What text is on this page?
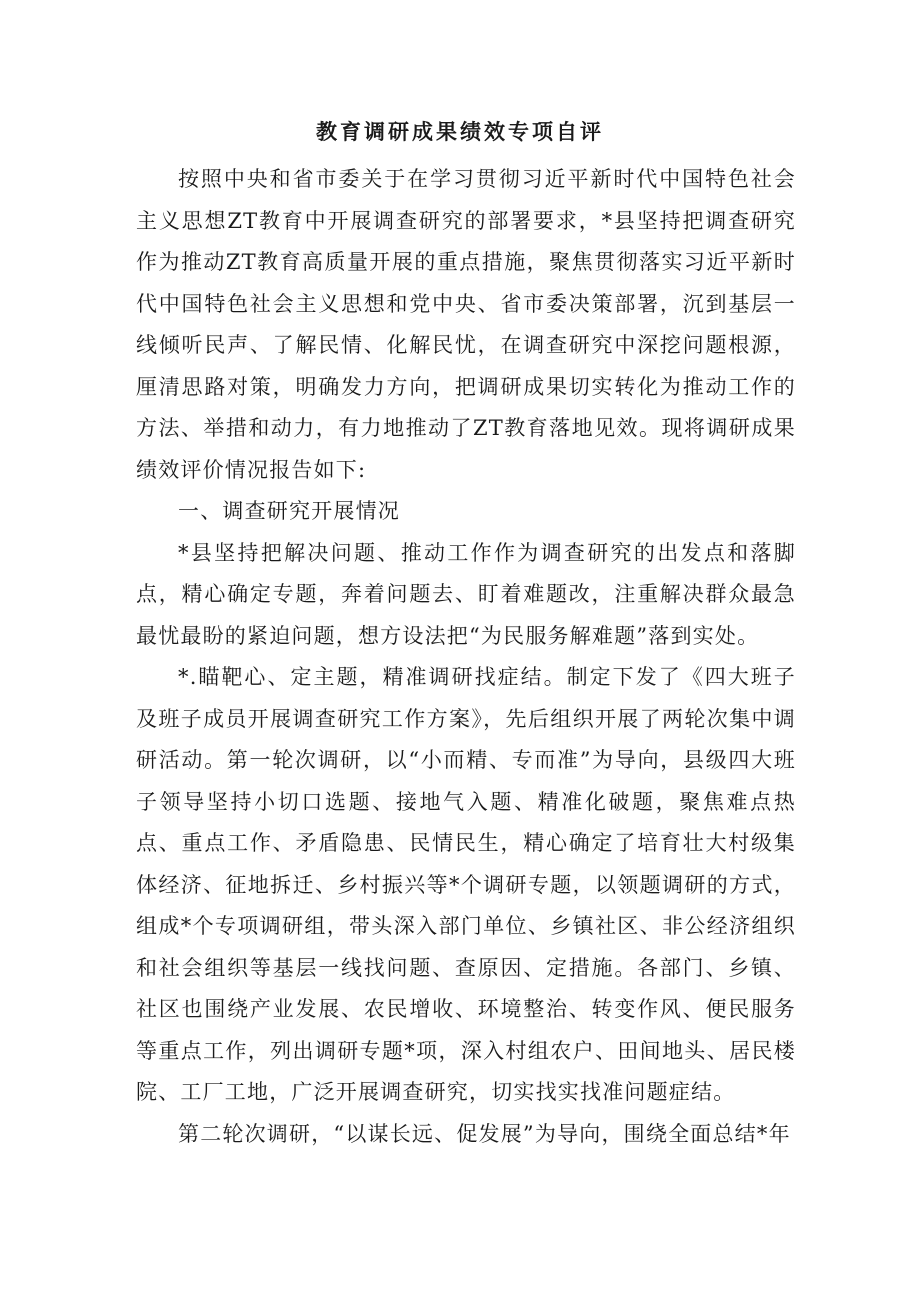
教育调研成果绩效专项自评

按照中央和省市委关于在学习贯彻习近平新时代中国特色社会主义思想ZT教育中开展调查研究的部署要求，*县坚持把调查研究作为推动ZT教育高质量开展的重点措施，聚焦贯彻落实习近平新时代中国特色社会主义思想和党中央、省市委决策部署，沉到基层一线倾听民声、了解民情、化解民忧，在调查研究中深挖问题根源，厘清思路对策，明确发力方向，把调研成果切实转化为推动工作的方法、举措和动力，有力地推动了ZT教育落地见效。现将调研成果绩效评价情况报告如下:

一、调查研究开展情况

*县坚持把解决问题、推动工作作为调查研究的出发点和落脚点，精心确定专题，奔着问题去、盯着难题改，注重解决群众最急最忧最盼的紧迫问题，想方设法把“为民服务解难题”落到实处。

*.瞄靶心、定主题，精准调研找症结。制定下发了《四大班子及班子成员开展调查研究工作方案》，先后组织开展了两轮次集中调研活动。第一轮次调研，以“小而精、专而准”为导向，县级四大班子领导坚持小切口选题、接地气入题、精准化破题，聚焦难点热点、重点工作、矛盾隐患、民情民生，精心确定了培育壮大村级集体经济、征地拆迁、乡村振兴等*个调研专题，以领题调研的方式，组成*个专项调研组，带头深入部门单位、乡镇社区、非公经济组织和社会组织等基层一线找问题、查原因、定措施。各部门、乡镇、社区也围绕产业发展、农民增收、环境整治、转变作风、便民服务等重点工作，列出调研专题*项，深入村组农户、田间地头、居民楼院、工厂工地，广泛开展调查研究，切实找实找准问题症结。

第二轮次调研，“以谋长远、促发展”为导向，围绕全面总结*年
